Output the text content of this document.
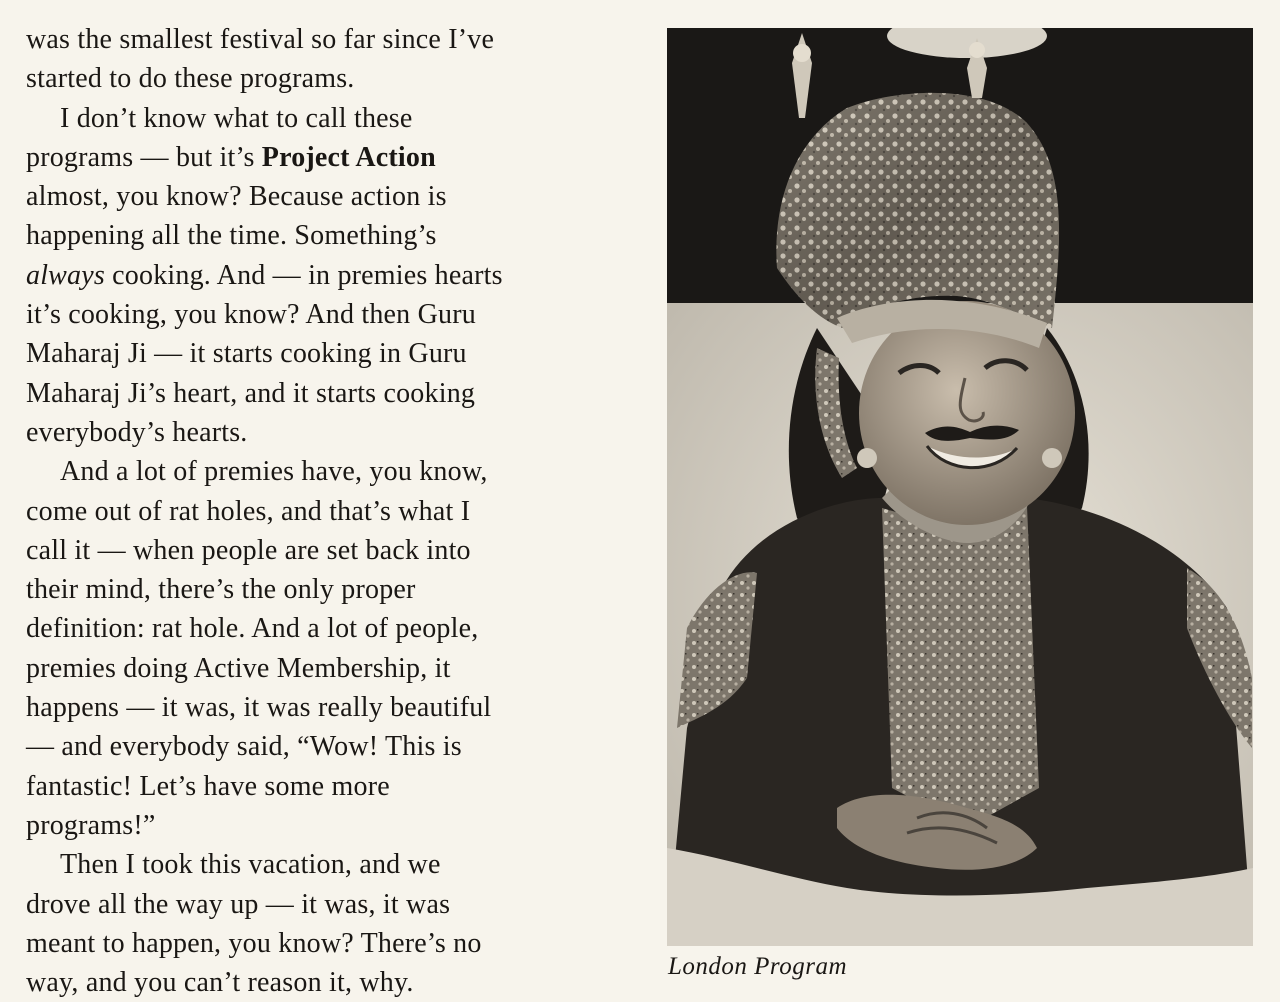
was the smallest festival so far since I’ve
started to do these programs.

I don’t know what to call these
programs — but it’s Project Action
almost, you know? Because action is
happening all the time. Something’s
always cooking. And — in premies hearts
it’s cooking, you know? And then Guru
Maharaj Ji — it starts cooking in Guru
Maharaj Ji’s heart, and it starts cooking
everybody’s hearts.

And a lot of premies have, you know,
come out of rat holes, and that’s what I
call it — when people are set back into
their mind, there’s the only proper
definition: rat hole. And a lot of people,
premies doing Active Membership, it
happens — it was, it was really beautiful
— and everybody said, “Wow! This is
fantastic! Let’s have some more
programs!”

Then I took this vacation, and we
drove all the way up — it was, it was
meant to happen, you know? There’s no
way, and you can’t reason it, why.

London Program
